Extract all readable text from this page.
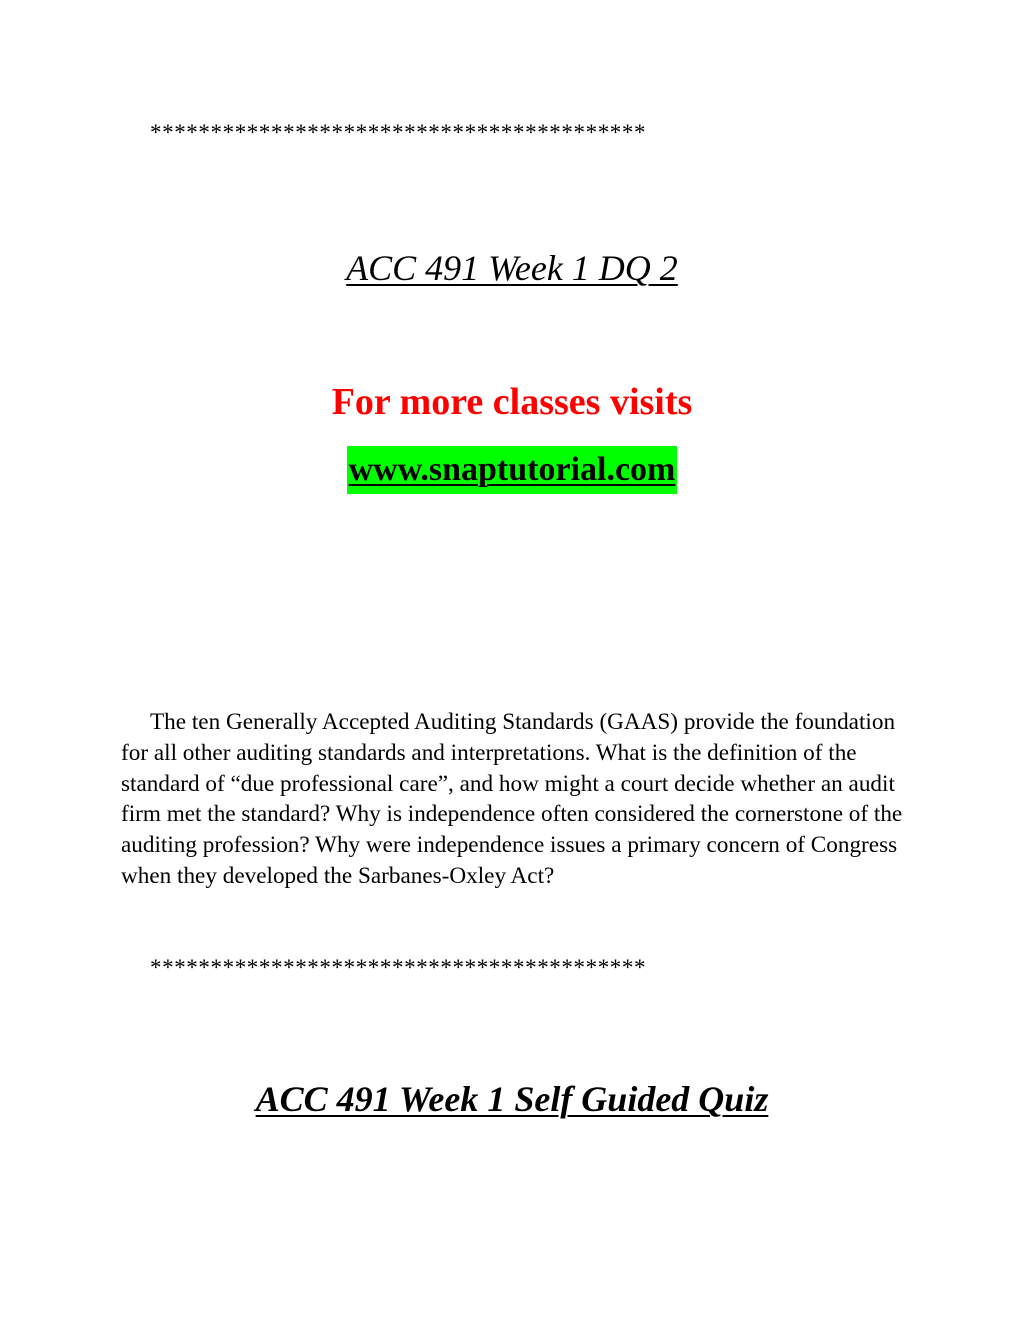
*****************************************
ACC 491 Week 1 DQ 2
For more classes visits
www.snaptutorial.com

The ten Generally Accepted Auditing Standards (GAAS) provide the foundation for all other auditing standards and interpretations. What is the definition of the standard of “due professional care”, and how might a court decide whether an audit firm met the standard? Why is independence often considered the cornerstone of the auditing profession? Why were independence issues a primary concern of Congress when they developed the Sarbanes-Oxley Act?

*****************************************
ACC 491 Week 1 Self Guided Quiz
